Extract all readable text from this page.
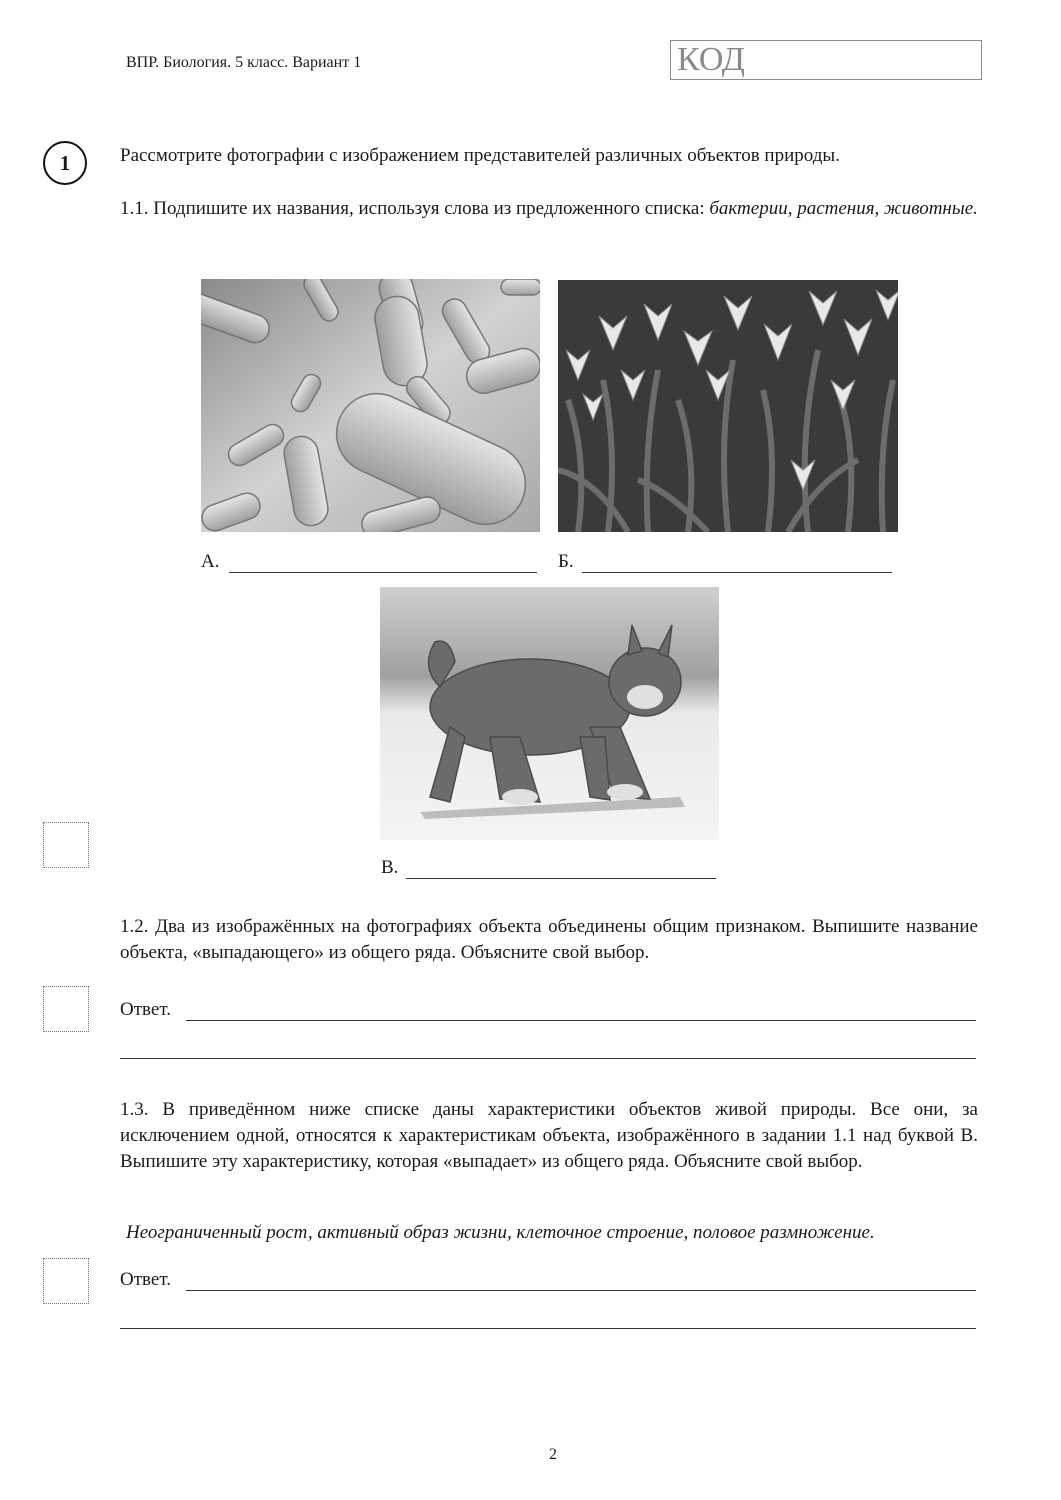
ВПР. Биология. 5 класс. Вариант 1	КОД
1	Рассмотрите фотографии с изображением представителей различных объектов природы.
1.1. Подпишите их названия, используя слова из предложенного списка: бактерии, растения, животные.
А.	Б.
В.
1.2. Два из изображённых на фотографиях объекта объединены общим признаком. Выпишите название объекта, «выпадающего» из общего ряда. Объясните свой выбор.
Ответ.
1.3. В приведённом ниже списке даны характеристики объектов живой природы. Все они, за исключением одной, относятся к характеристикам объекта, изображённого в задании 1.1 над буквой В. Выпишите эту характеристику, которая «выпадает» из общего ряда. Объясните свой выбор.
Неограниченный рост, активный образ жизни, клеточное строение, половое размножение.
Ответ.
2
